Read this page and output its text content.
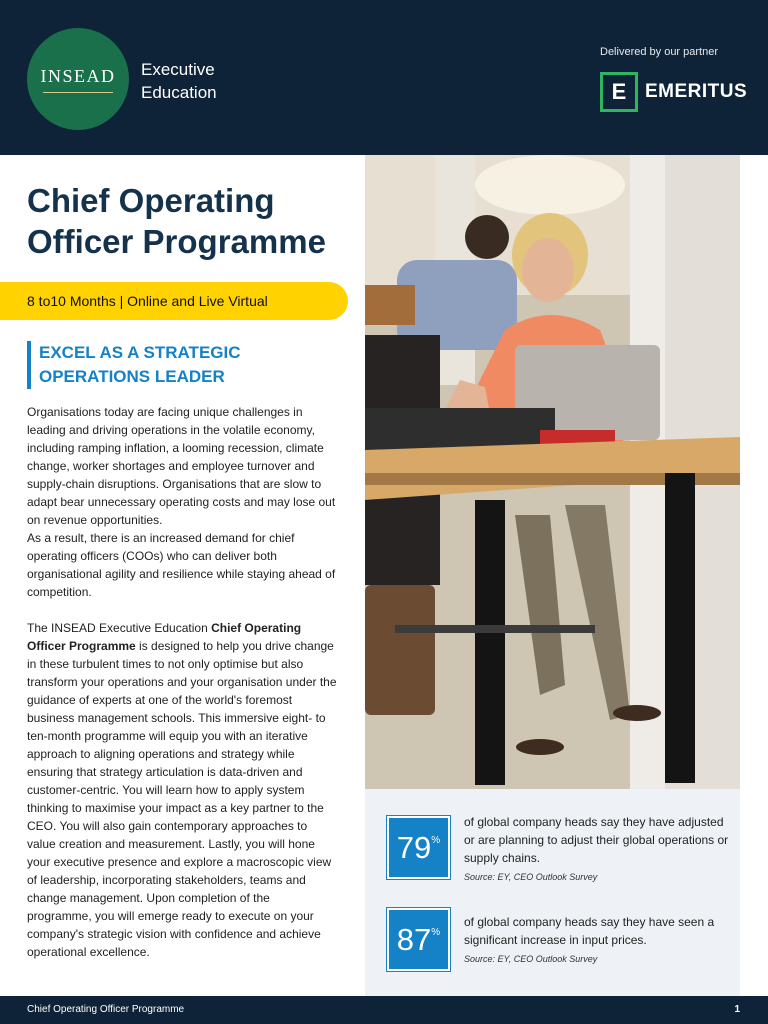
INSEAD Executive
Education
Delivered by our partner
E EMERITUS
Chief Operating
Officer Programme
8 to10 Months | Online and Live Virtual
EXCEL AS A STRATEGIC
OPERATIONS LEADER

Organisations today are facing unique challenges in leading and driving operations in the volatile economy, including ramping inflation, a looming recession, climate change, worker shortages and employee turnover and supply-chain disruptions. Organisations that are slow to adapt bear unnecessary operating costs and may lose out on revenue opportunities.

As a result, there is an increased demand for chief operating officers (COOs) who can deliver both organisational agility and resilience while staying ahead of competition.

The INSEAD Executive Education Chief Operating Officer Programme is designed to help you drive change in these turbulent times to not only optimise but also transform your operations and your organisation under the guidance of experts at one of the world's foremost business management schools. This immersive eight- to ten-month programme will equip you with an iterative approach to aligning operations and strategy while ensuring that strategy articulation is data-driven and customer-centric. You will learn how to apply system thinking to maximise your impact as a key partner to the CEO. You will also gain contemporary approaches to value creation and measurement. Lastly, you will hone your executive presence and explore a macroscopic view of leadership, incorporating stakeholders, teams and change management. Upon completion of the programme, you will emerge ready to execute on your company's strategic vision with confidence and achieve operational excellence.

79 %
of global company heads say they have adjusted or are planning to adjust their global operations or supply chains.
Source: EY, CEO Outlook Survey
87 %
of global company heads say they have seen a significant increase in input prices.
Source: EY, CEO Outlook Survey
Chief Operating Officer Programme	1
